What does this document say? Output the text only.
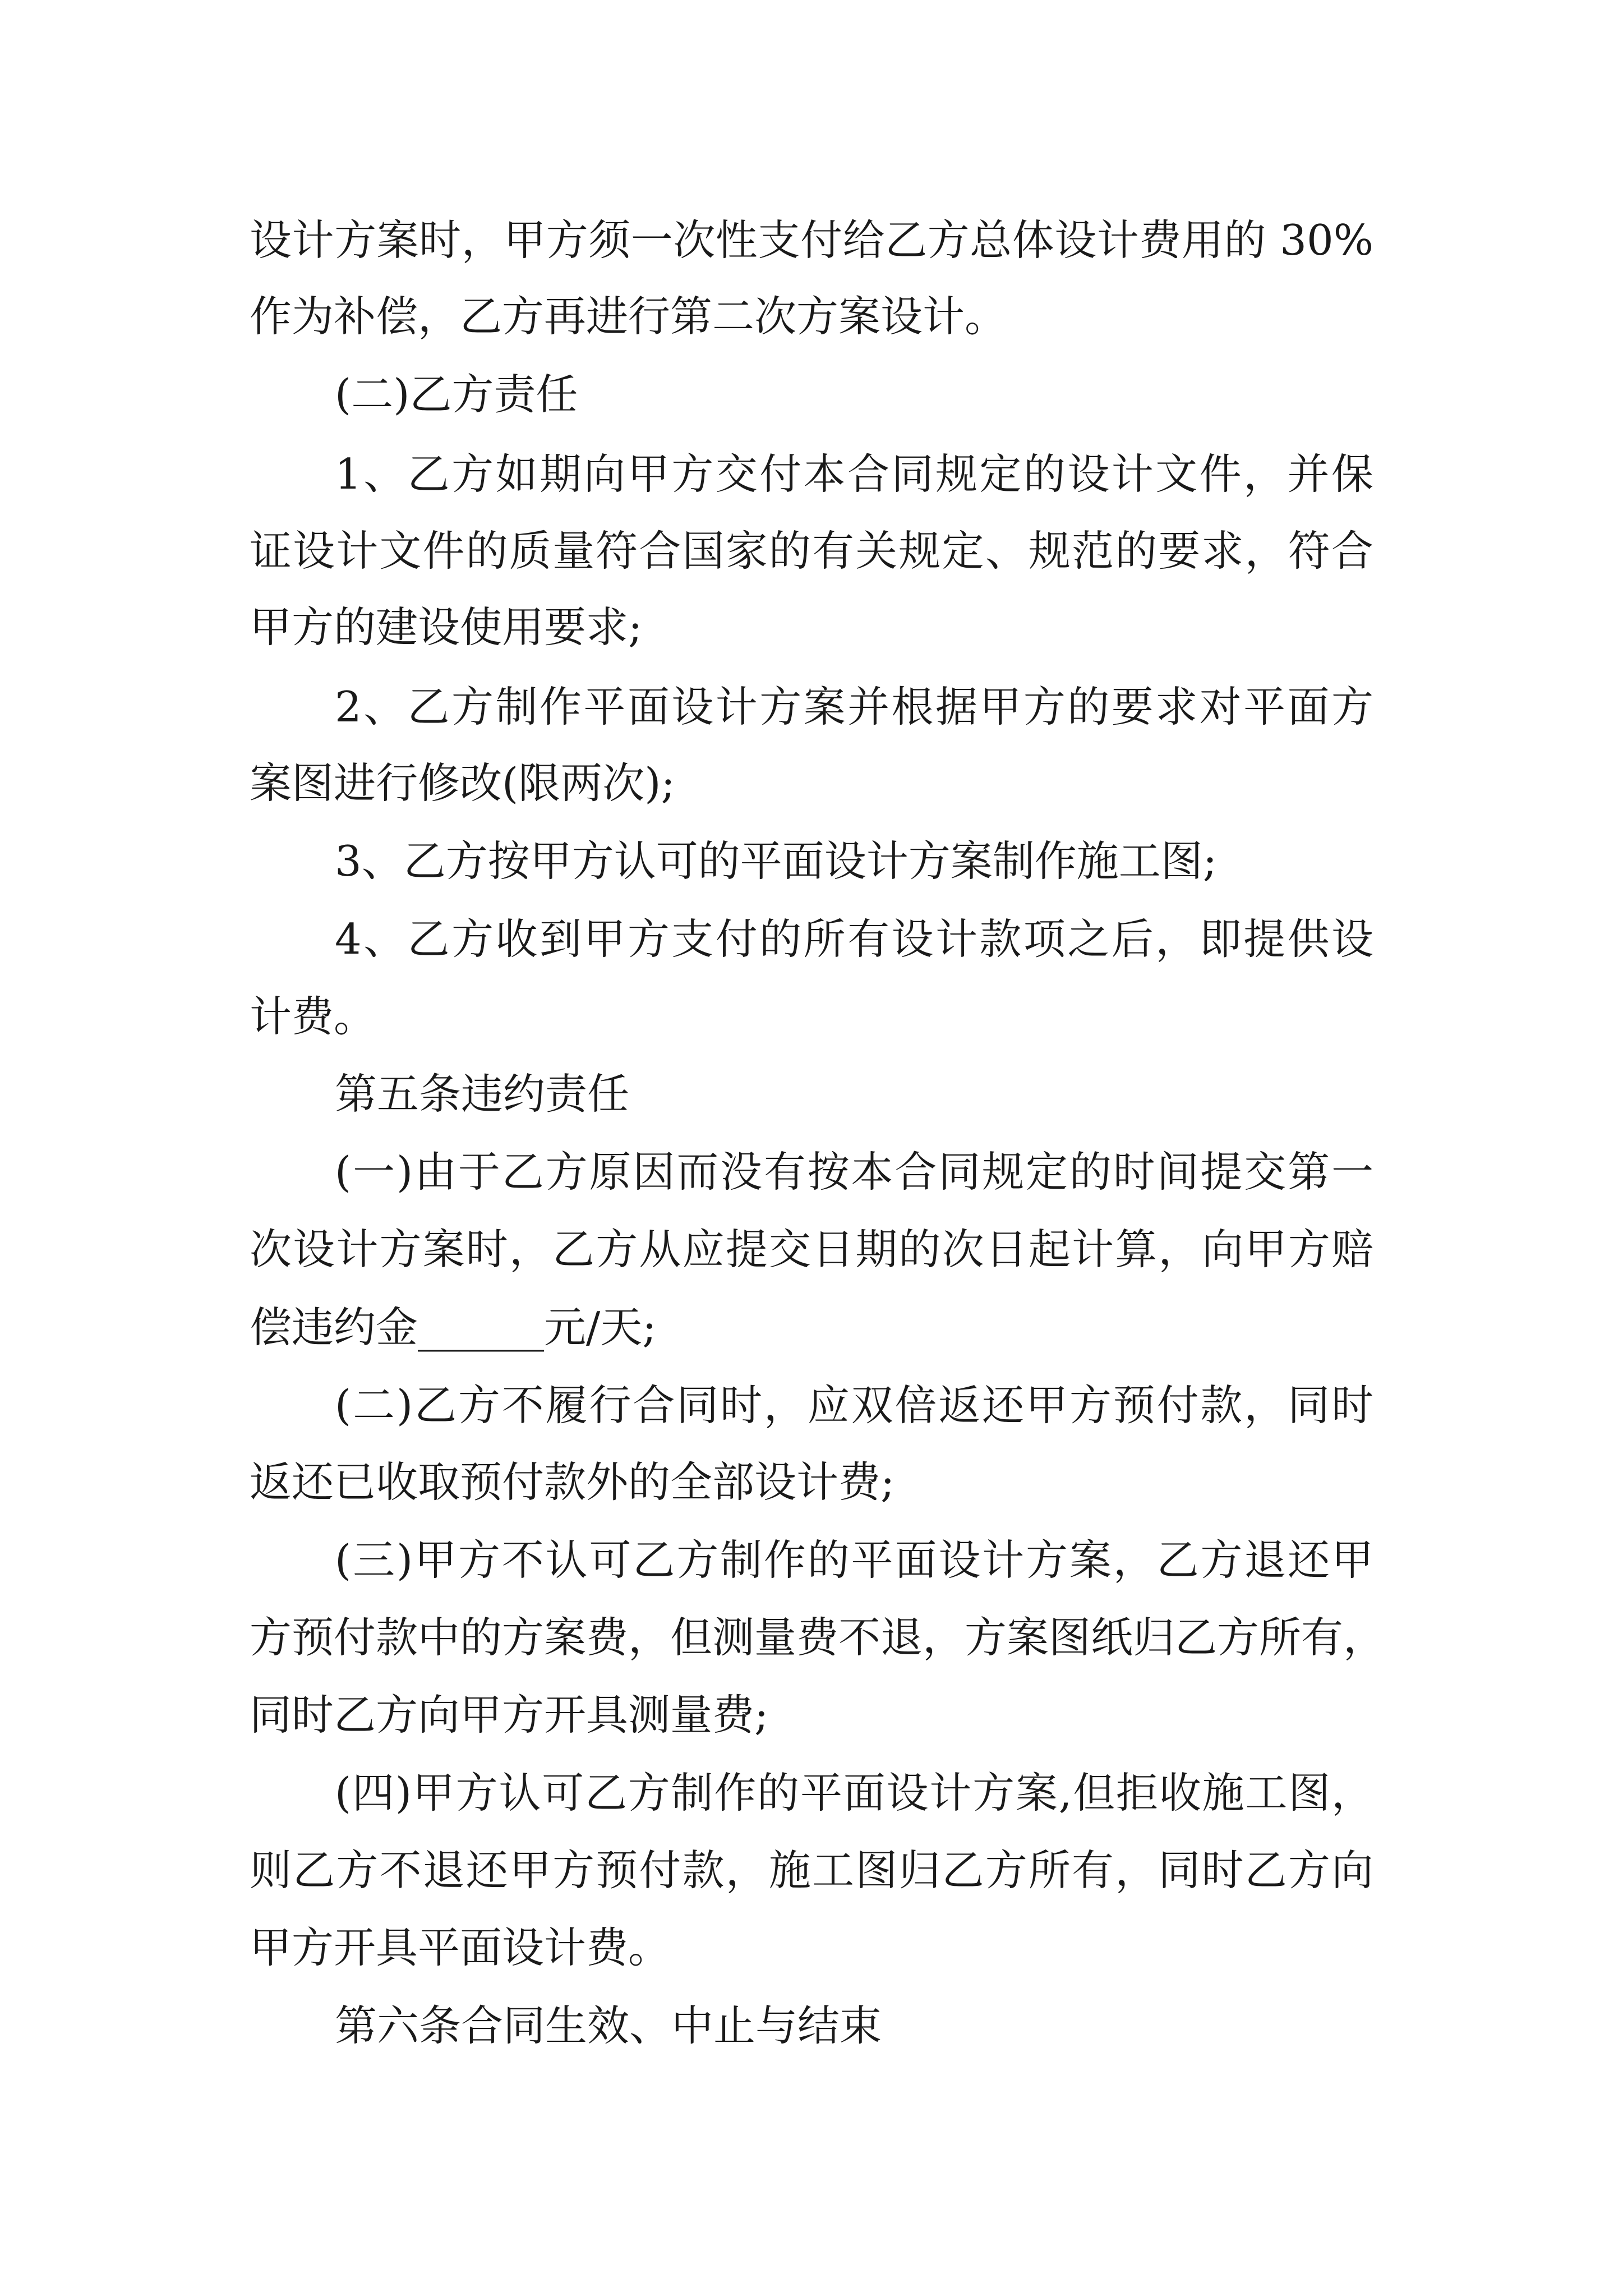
设计方案时，甲方须一次性支付给乙方总体设计费用的 30%
作为补偿，乙方再进行第二次方案设计。
(二)乙方责任
1、乙方如期向甲方交付本合同规定的设计文件，并保
证设计文件的质量符合国家的有关规定、规范的要求，符合
甲方的建设使用要求;
2、乙方制作平面设计方案并根据甲方的要求对平面方
案图进行修改(限两次);
3、乙方按甲方认可的平面设计方案制作施工图;
4、乙方收到甲方支付的所有设计款项之后，即提供设
计费。
第五条违约责任
(一)由于乙方原因而没有按本合同规定的时间提交第一
次设计方案时，乙方从应提交日期的次日起计算，向甲方赔
偿违约金______元/天;
(二)乙方不履行合同时，应双倍返还甲方预付款，同时
返还已收取预付款外的全部设计费;
(三)甲方不认可乙方制作的平面设计方案，乙方退还甲
方预付款中的方案费，但测量费不退，方案图纸归乙方所有，
同时乙方向甲方开具测量费;
(四)甲方认可乙方制作的平面设计方案,但拒收施工图，
则乙方不退还甲方预付款，施工图归乙方所有，同时乙方向
甲方开具平面设计费。
第六条合同生效、中止与结束
